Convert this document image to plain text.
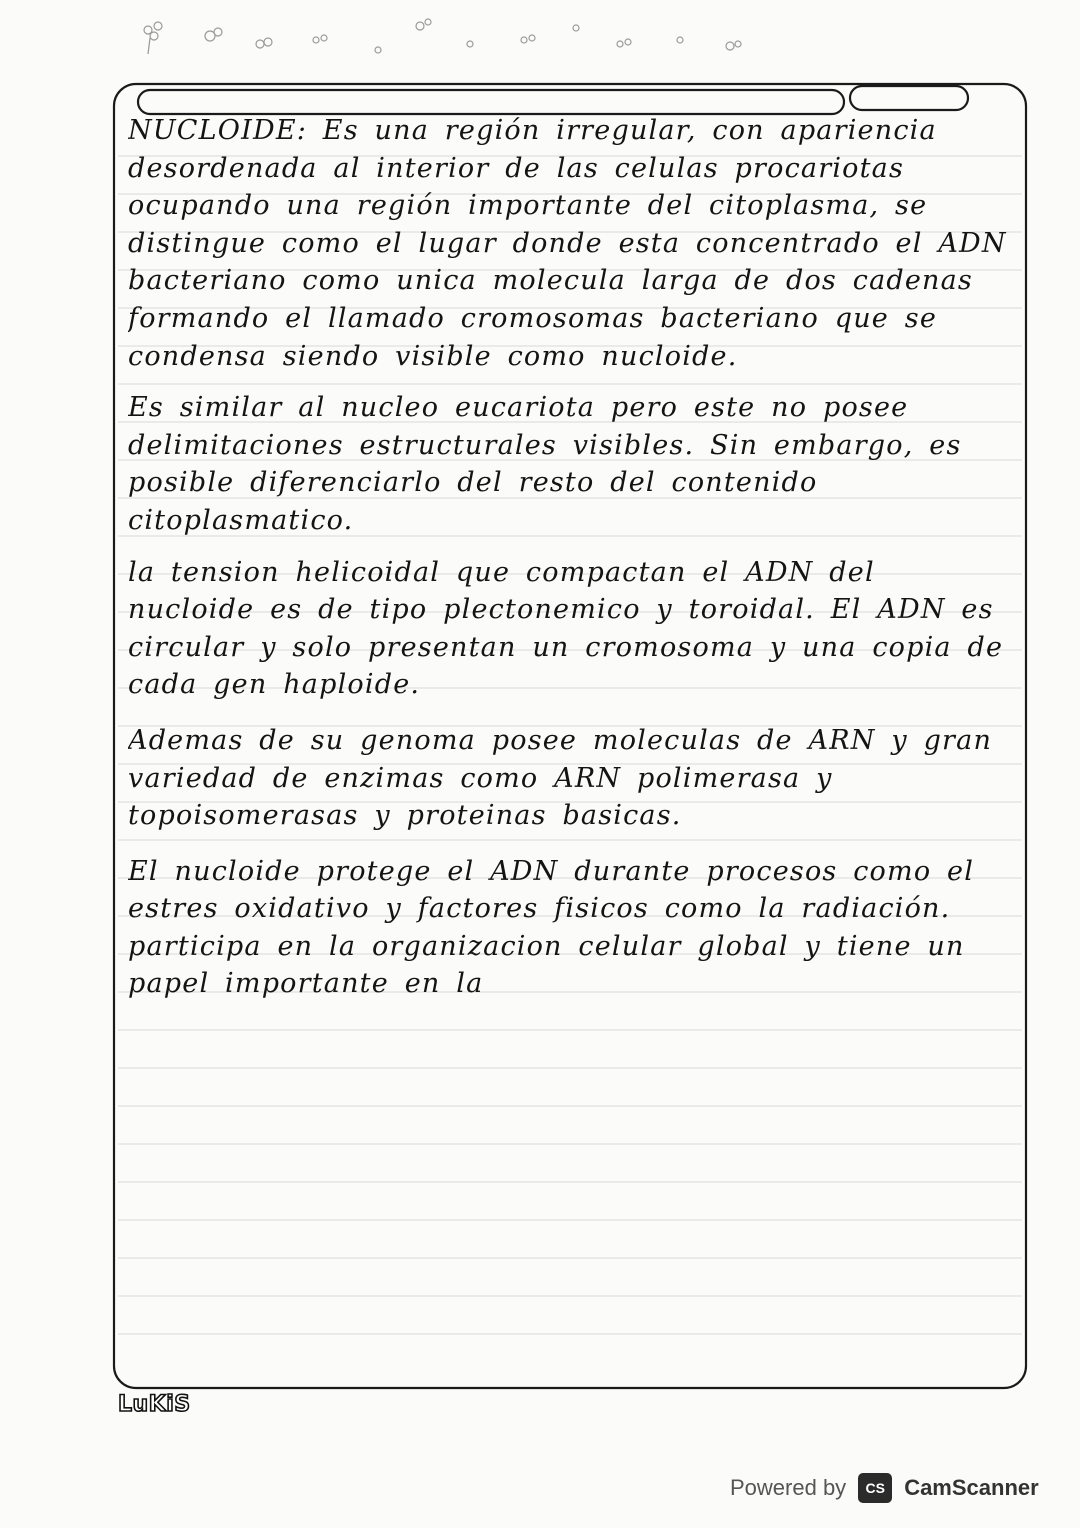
NUCLOIDE: Es una región irregular, con apariencia desordenada al interior de las celulas procariotas ocupando una región importante del citoplasma, se distingue como el lugar donde esta concentrado el ADN bacteriano como unica molecula larga de dos cadenas formando el llamado cromosomas bacteriano que se condensa siendo visible como nucloide.

Es similar al nucleo eucariota pero este no posee delimitaciones estructurales visibles. Sin embargo, es posible diferenciarlo del resto del contenido citoplasmatico.

la tension helicoidal que compactan el ADN del nucloide es de tipo plectonemico y toroidal. El ADN es circular y solo presentan un cromosoma y una copia de cada gen haploide.

Ademas de su genoma posee moleculas de ARN y gran variedad de enzimas como ARN polimerasa y topoisomerasas y proteinas basicas.

El nucloide protege el ADN durante procesos como el estres oxidativo y factores fisicos como la radiación. participa en la organizacion celular global y tiene un papel importante en la

LuKiS
Powered by	CS CamScanner
